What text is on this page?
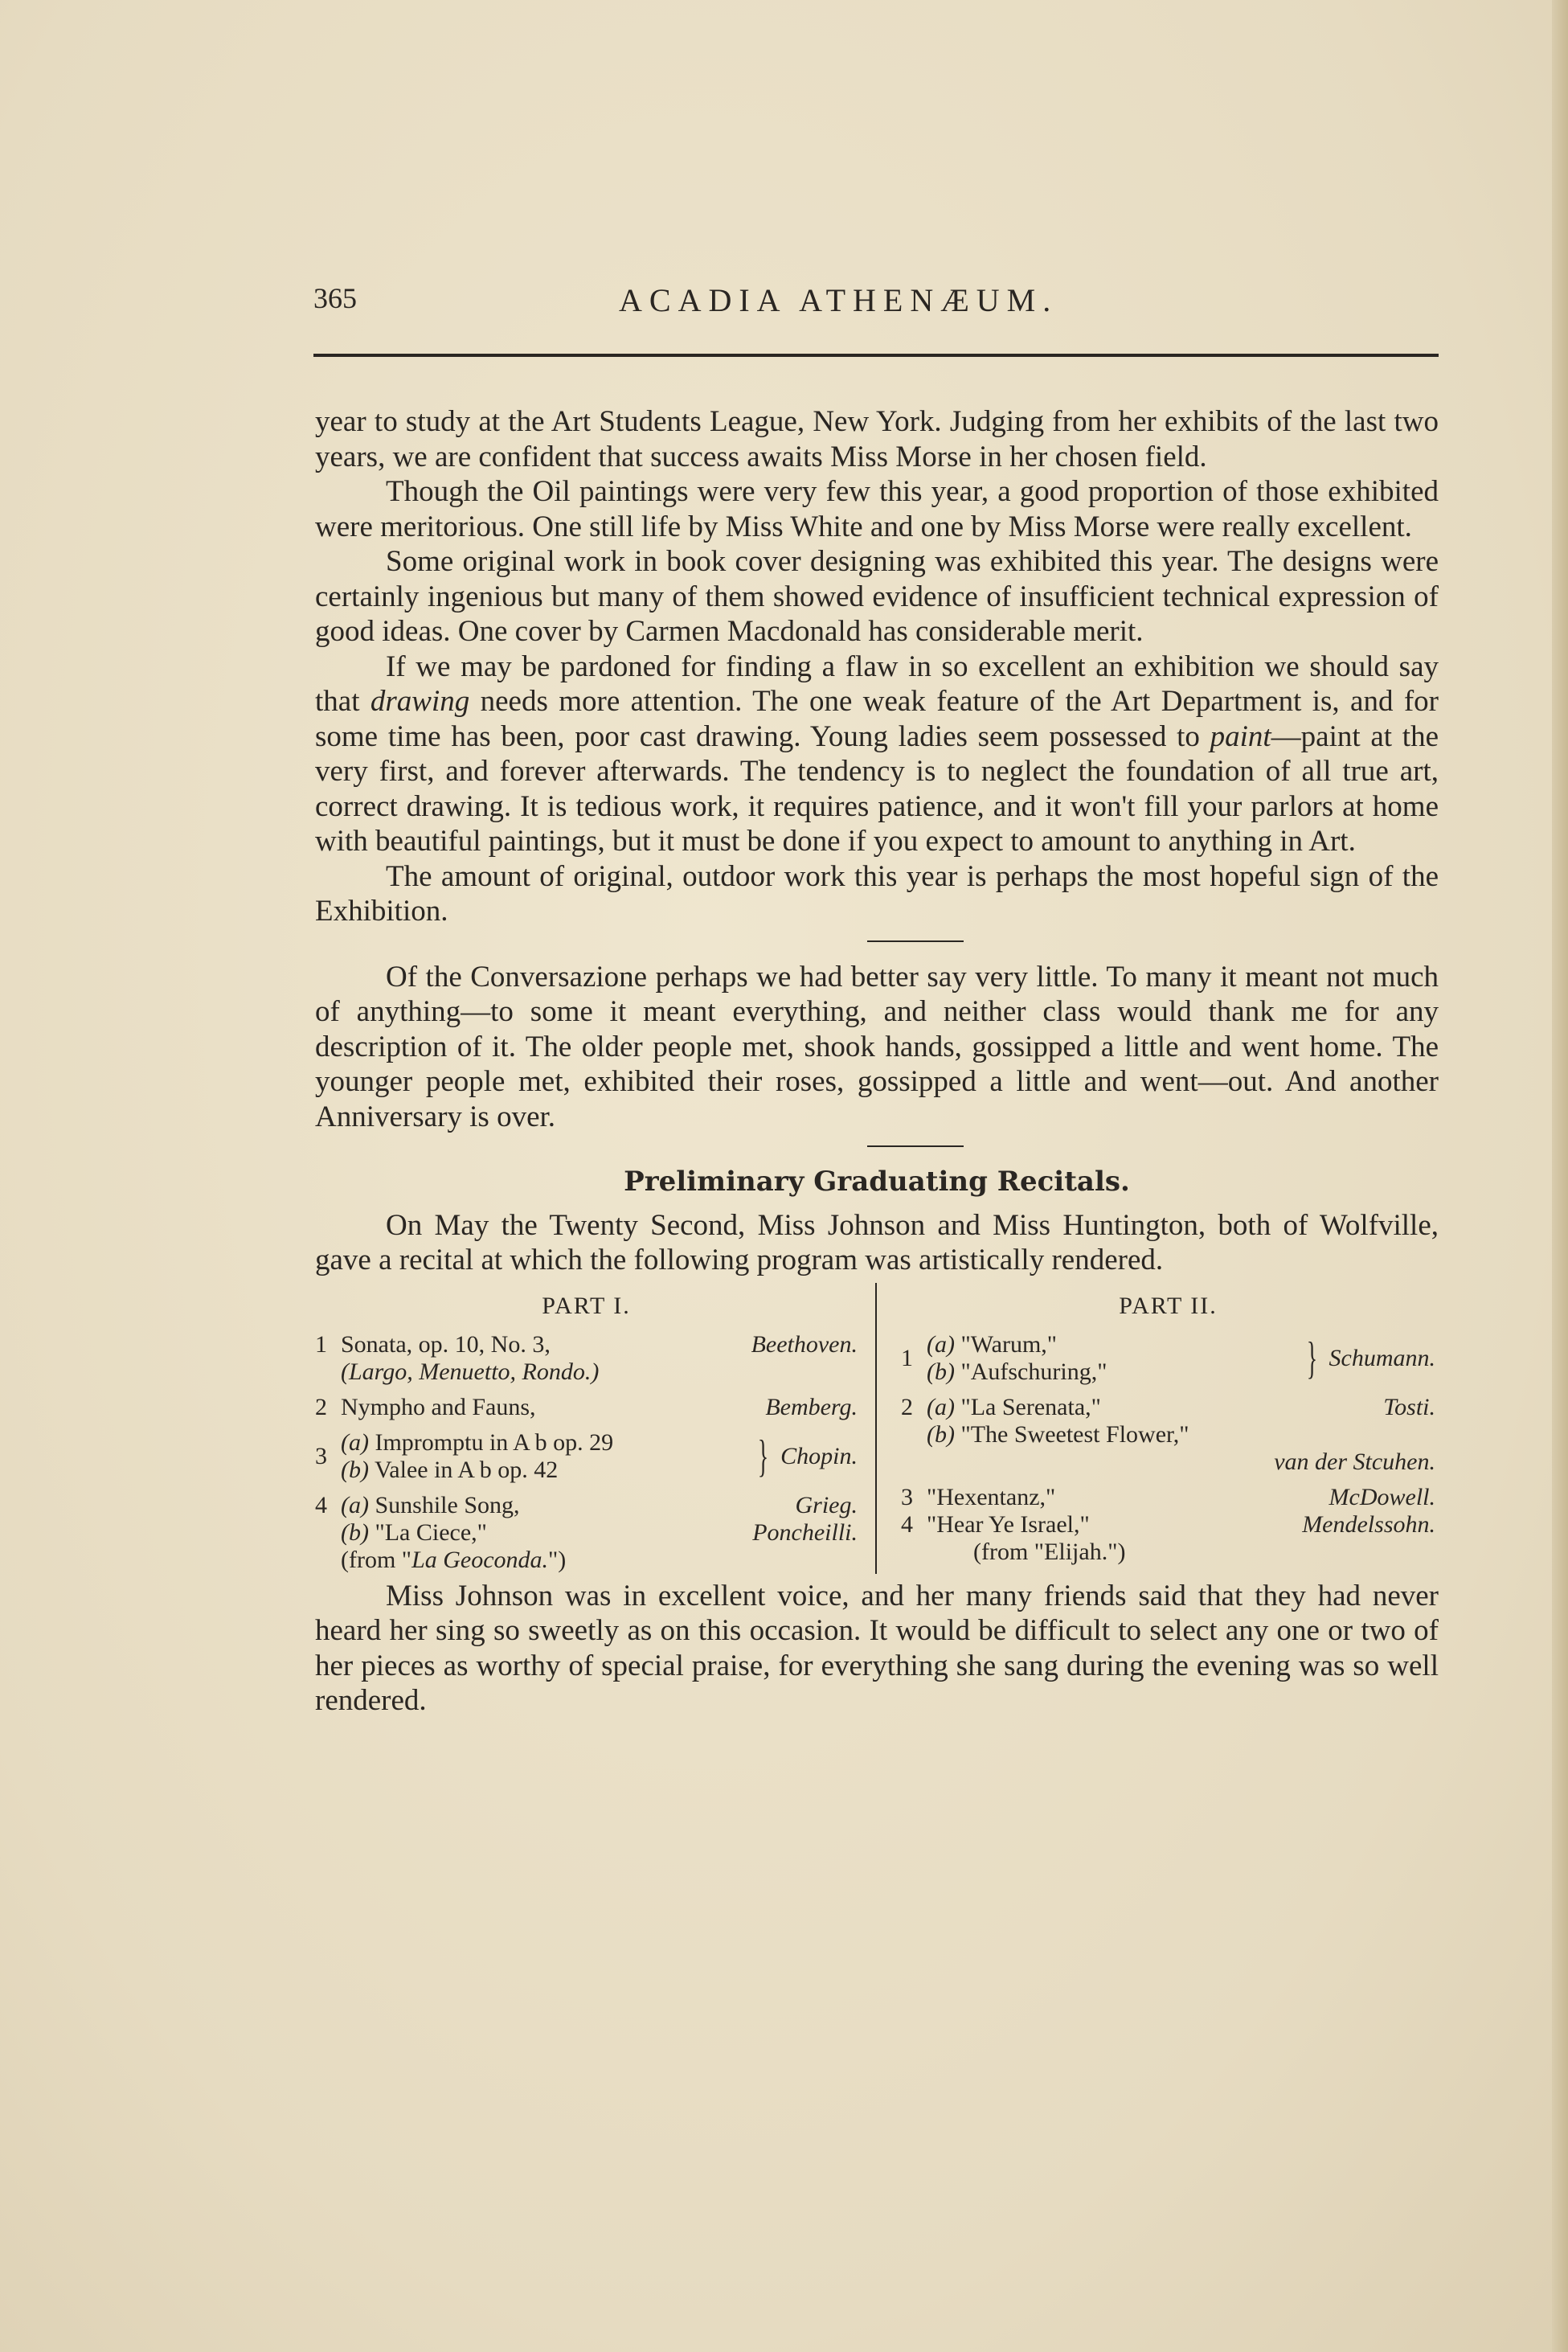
365	ACADIA ATHENÆUM.

year to study at the Art Students League, New York. Judging from her exhibits of the last two years, we are confident that success awaits Miss Morse in her chosen field.

Though the Oil paintings were very few this year, a good proportion of those exhibited were meritorious. One still life by Miss White and one by Miss Morse were really excellent.

Some original work in book cover designing was exhibited this year. The designs were certainly ingenious but many of them showed evidence of insufficient technical expression of good ideas. One cover by Carmen Macdonald has considerable merit.

If we may be pardoned for finding a flaw in so excellent an exhibition we should say that drawing needs more attention. The one weak feature of the Art Department is, and for some time has been, poor cast drawing. Young ladies seem possessed to paint—paint at the very first, and forever afterwards. The tendency is to neglect the foundation of all true art, correct drawing. It is tedious work, it requires patience, and it won't fill your parlors at home with beautiful paintings, but it must be done if you expect to amount to anything in Art.

The amount of original, outdoor work this year is perhaps the most hopeful sign of the Exhibition.

Of the Conversazione perhaps we had better say very little. To many it meant not much of anything—to some it meant everything, and neither class would thank me for any description of it. The older people met, shook hands, gossipped a little and went home. The younger people met, exhibited their roses, gossipped a little and went—out. And another Anniversary is over.

Preliminary Graduating Recitals.

On May the Twenty Second, Miss Johnson and Miss Huntington, both of Wolfville, gave a recital at which the following program was artistically rendered.

PART I.
1 Sonata, op. 10, No. 3,	Beethoven.
(Largo, Menuetto, Rondo.)
2 Nympho and Fauns,	Bemberg.
3
(a) Impromptu in A b op. 29
(b) Valee in A b op. 42	} Chopin.
4 (a) Sunshile Song,	Grieg.
(b) "La Ciece,"	Poncheilli.
(from "La Geoconda.")
PART II.
1
(a) "Warum,"
(b) "Aufschuring,"	} Schumann.
2 (a) "La Serenata,"	Tosti.
(b) "The Sweetest Flower,"
van der Stcuhen.
3 "Hexentanz,"	McDowell.
4 "Hear Ye Israel,"	Mendelssohn.
(from "Elijah.")

Miss Johnson was in excellent voice, and her many friends said that they had never heard her sing so sweetly as on this occasion. It would be difficult to select any one or two of her pieces as worthy of special praise, for everything she sang during the evening was so well rendered.
